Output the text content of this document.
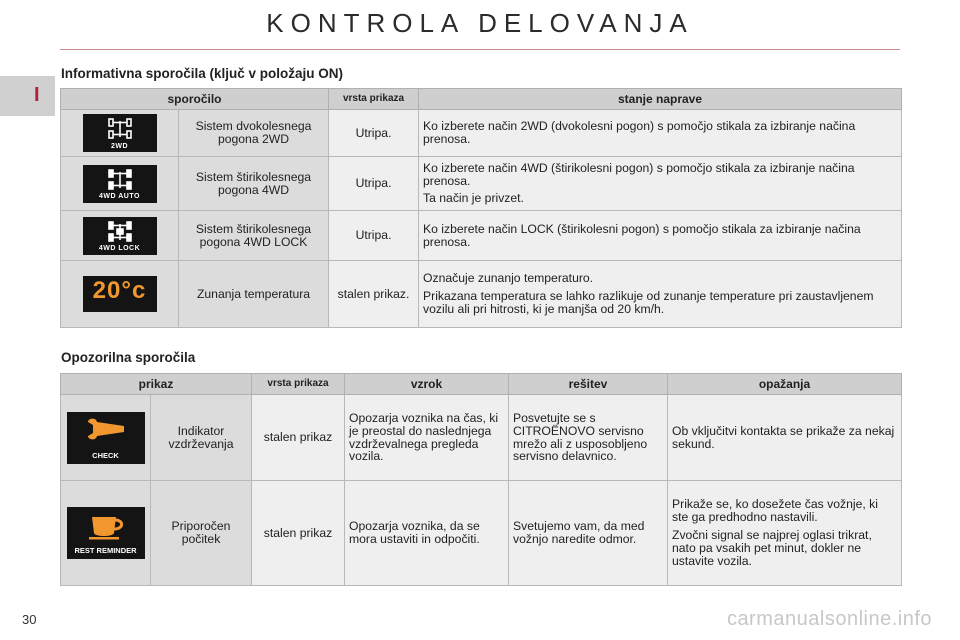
KONTROLA DELOVANJA
I
Informativna sporočila (ključ v položaju ON)
sporočilo		vrsta prikaza	stanje naprave

2WD	Sistem dvokolesnega pogona 2WD	Utripa.	Ko izberete način 2WD (dvokolesni pogon) s pomočjo stikala za izbiranje načina prenosa.

4WD AUTO	Sistem štirikolesnega pogona 4WD	Utripa.	Ko izberete način 4WD (štirikolesni pogon) s pomočjo stikala za izbiranje načina prenosa.

Ta način je privzet.

4WD LOCK	Sistem štirikolesnega pogona 4WD LOCK	Utripa.	Ko izberete način LOCK (štirikolesni pogon) s pomočjo stikala za izbiranje načina prenosa.

20°c	Zunanja temperatura	stalen prikaz.	Označuje zunanjo temperaturo.

Prikazana temperatura se lahko razlikuje od zunanje temperature pri zaustavljenem vozilu ali pri hitrosti, ki je manjša od 20 km/h.

Opozorilna sporočila
prikaz		vrsta prikaza	vzrok	rešitev	opažanja

CHECK	Indikator vzdrževanja	stalen prikaz	Opozarja voznika na čas, ki je preostal do naslednjega vzdrževalnega pregleda vozila.	Posvetujte se s CITROËNOVO servisno mrežo ali z usposobljeno servisno delavnico.	Ob vključitvi kontakta se prikaže za nekaj sekund.

REST REMINDER	Priporočen počitek	stalen prikaz	Opozarja voznika, da se mora ustaviti in odpočiti.	Svetujemo vam, da med vožnjo naredite odmor.	Prikaže se, ko dosežete čas vožnje, ki ste ga predhodno nastavili.

Zvočni signal se najprej oglasi trikrat, nato pa vsakih pet minut, dokler ne ustavite vozila.

30	carmanualsonline.info
